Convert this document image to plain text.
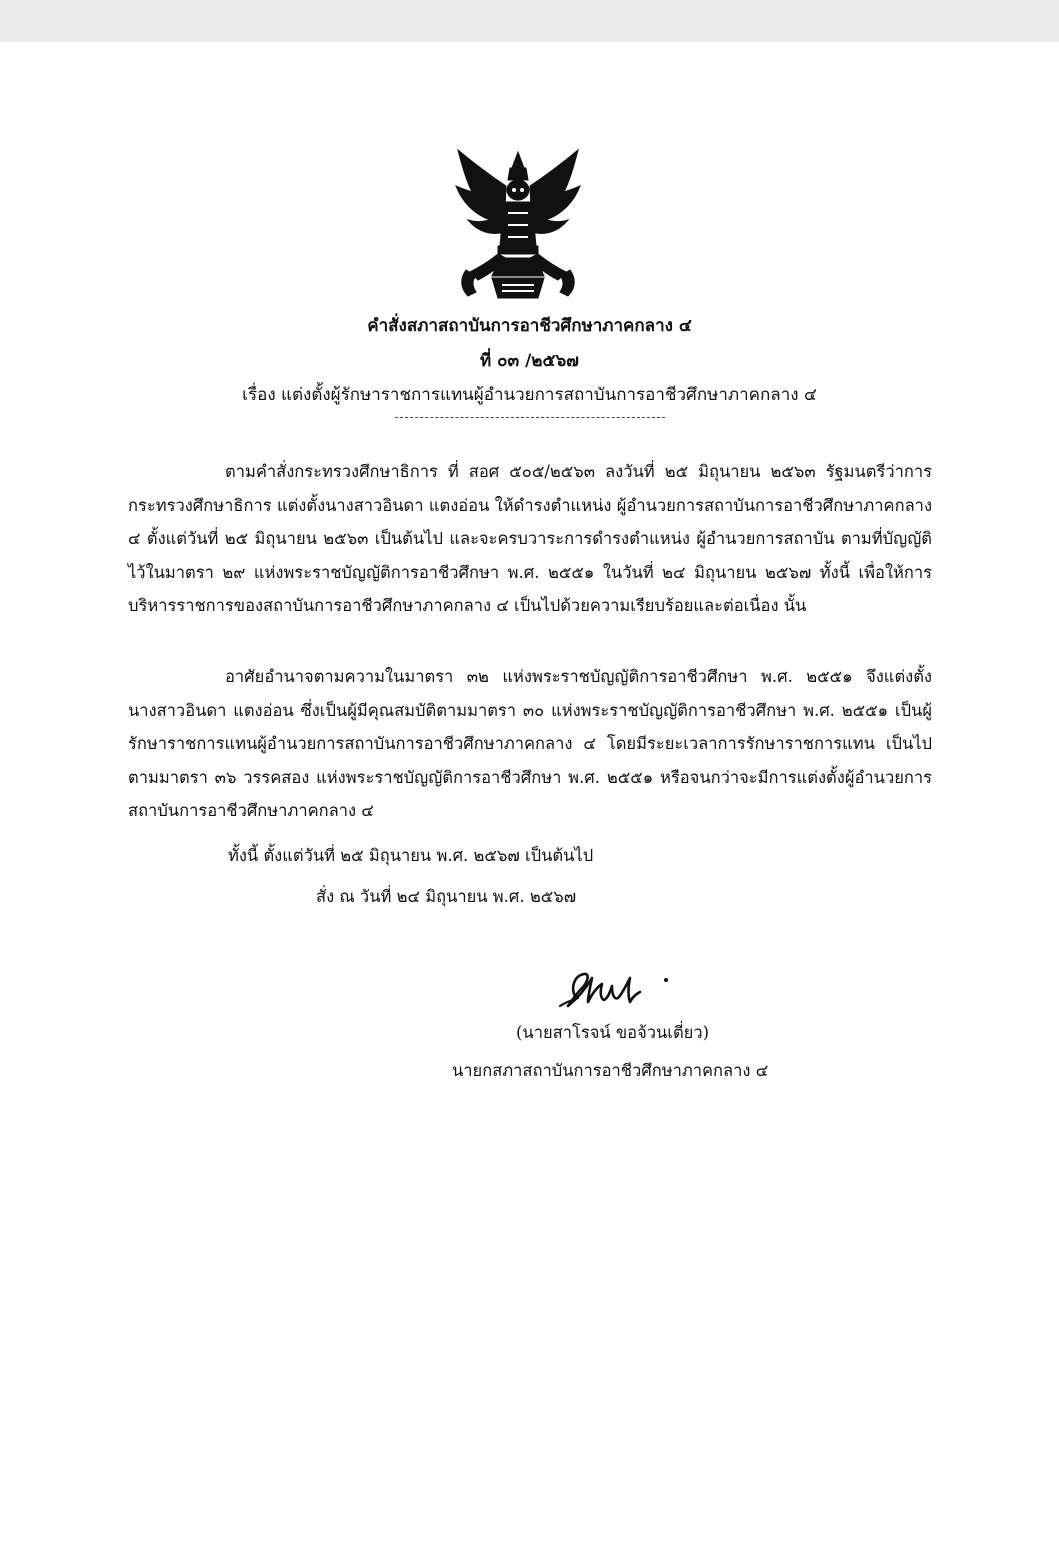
คำสั่งสภาสถาบันการอาชีวศึกษาภาคกลาง ๔
ที่ ๐๓ /๒๕๖๗
เรื่อง แต่งตั้งผู้รักษาราชการแทนผู้อำนวยการสถาบันการอาชีวศึกษาภาคกลาง ๔

ตามคำสั่งกระทรวงศึกษาธิการ ที่ สอศ ๕๐๕/๒๕๖๓ ลงวันที่ ๒๕ มิถุนายน ๒๕๖๓ รัฐมนตรีว่าการกระทรวงศึกษาธิการ แต่งตั้งนางสาวอินดา แตงอ่อน ให้ดำรงตำแหน่ง ผู้อำนวยการสถาบันการอาชีวศึกษาภาคกลาง ๔ ตั้งแต่วันที่ ๒๕ มิถุนายน ๒๕๖๓ เป็นต้นไป และจะครบวาระการดำรงตำแหน่ง ผู้อำนวยการสถาบัน ตามที่บัญญัติไว้ในมาตรา ๒๙ แห่งพระราชบัญญัติการอาชีวศึกษา พ.ศ. ๒๕๕๑ ในวันที่ ๒๔ มิถุนายน ๒๕๖๗ ทั้งนี้ เพื่อให้การบริหารราชการของสถาบันการอาชีวศึกษาภาคกลาง ๔ เป็นไปด้วยความเรียบร้อยและต่อเนื่อง นั้น

อาศัยอำนาจตามความในมาตรา ๓๒ แห่งพระราชบัญญัติการอาชีวศึกษา พ.ศ. ๒๕๕๑ จึงแต่งตั้งนางสาวอินดา แตงอ่อน ซึ่งเป็นผู้มีคุณสมบัติตามมาตรา ๓๐ แห่งพระราชบัญญัติการอาชีวศึกษา พ.ศ. ๒๕๕๑ เป็นผู้รักษาราชการแทนผู้อำนวยการสถาบันการอาชีวศึกษาภาคกลาง ๔ โดยมีระยะเวลาการรักษาราชการแทน เป็นไปตามมาตรา ๓๖ วรรคสอง แห่งพระราชบัญญัติการอาชีวศึกษา พ.ศ. ๒๕๕๑ หรือจนกว่าจะมีการแต่งตั้งผู้อำนวยการสถาบันการอาชีวศึกษาภาคกลาง ๔

ทั้งนี้ ตั้งแต่วันที่ ๒๕ มิถุนายน พ.ศ. ๒๕๖๗ เป็นต้นไป
สั่ง ณ วันที่ ๒๔ มิถุนายน พ.ศ. ๒๕๖๗
(นายสาโรจน์ ขอจ้วนเตี่ยว)
นายกสภาสถาบันการอาชีวศึกษาภาคกลาง ๔
